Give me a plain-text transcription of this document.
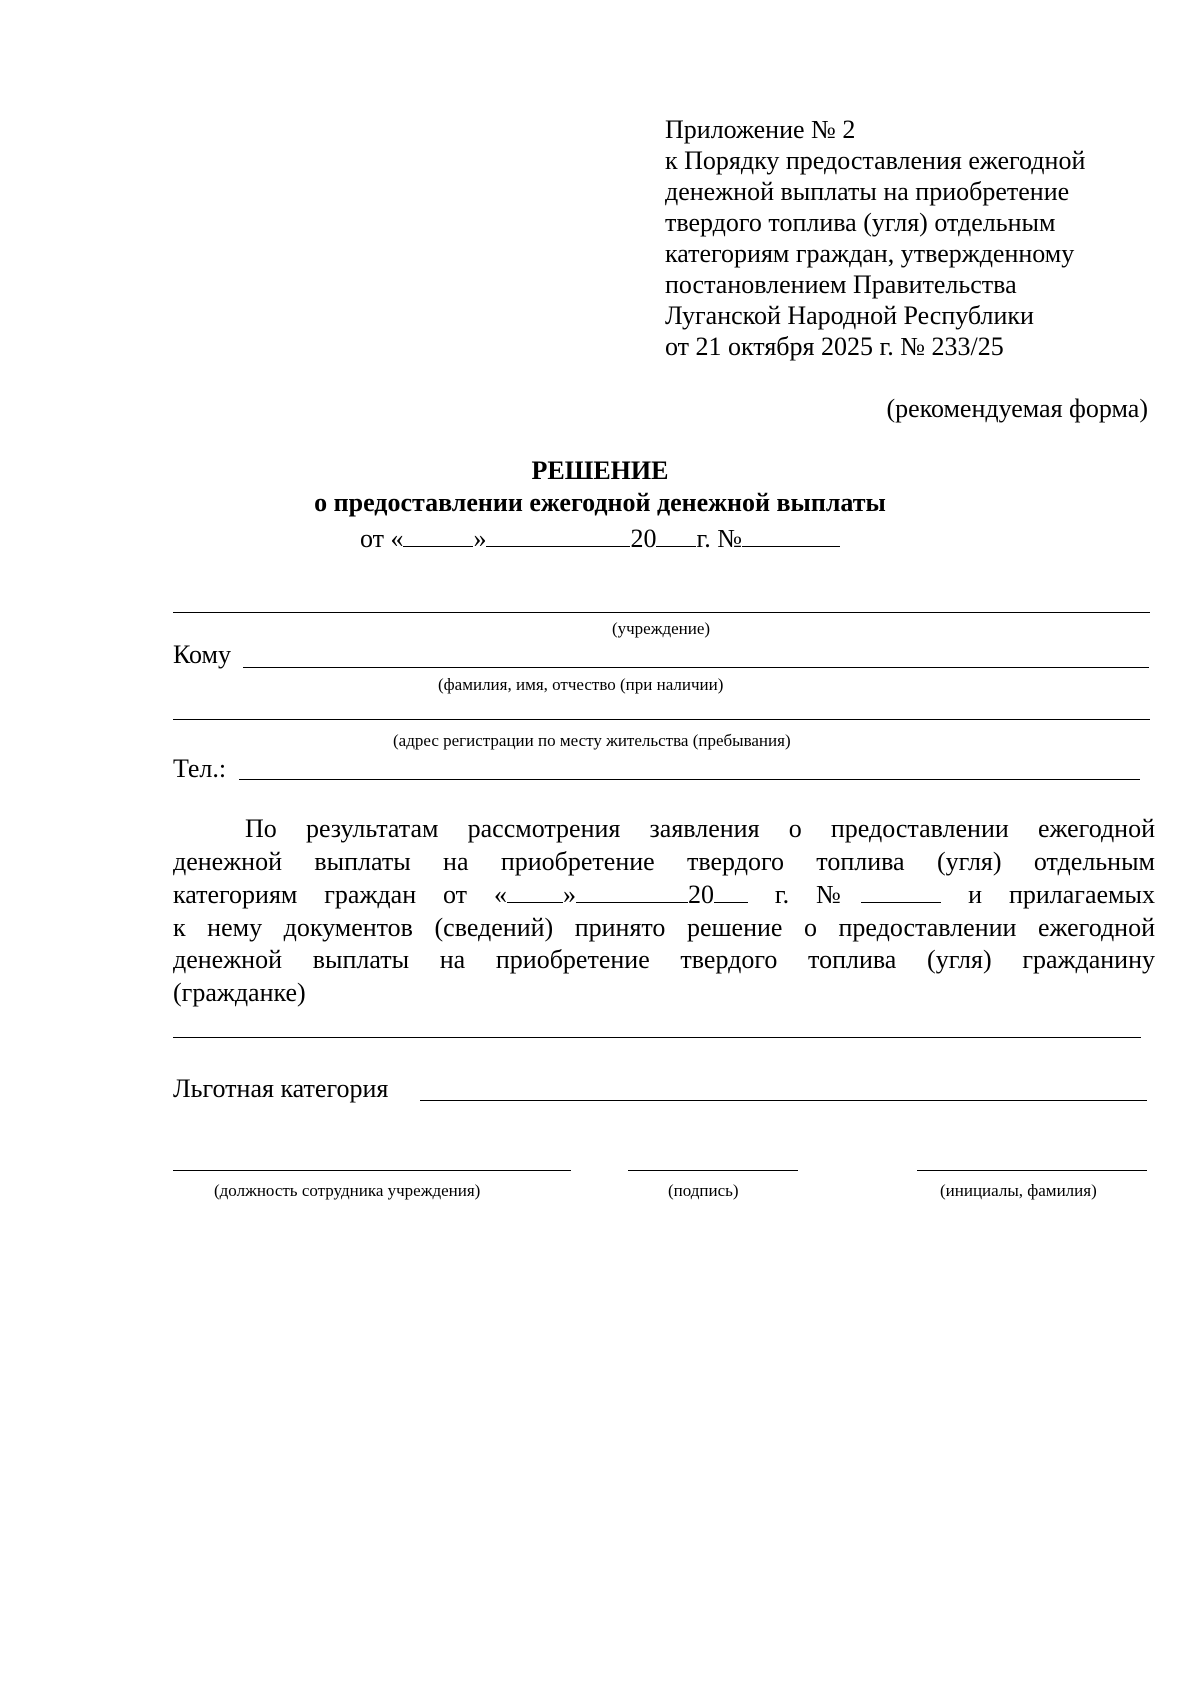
Приложение № 2
к Порядку предоставления ежегодной
денежной выплаты на приобретение
твердого топлива (угля) отдельным
категориям граждан, утвержденному
постановлением Правительства
Луганской Народной Республики
от 21 октября 2025 г. № 233/25
(рекомендуемая форма)
РЕШЕНИЕ
о предоставлении ежегодной денежной выплаты
от «	»	20 г. №
(учреждение)
Кому
(фамилия, имя, отчество (при наличии)
(адрес регистрации по месту жительства (пребывания)
Тел.:
По результатам рассмотрения заявления о предоставлении ежегодной
денежной выплаты на приобретение твердого топлива (угля) отдельным
категориям граждан от « »	20 г. №	и прилагаемых
к нему документов (сведений) принято решение о предоставлении ежегодной
денежной выплаты на приобретение твердого топлива (угля) гражданину
(гражданке)
Льготная категория
(должность сотрудника учреждения)	(подпись)	(инициалы, фамилия)
